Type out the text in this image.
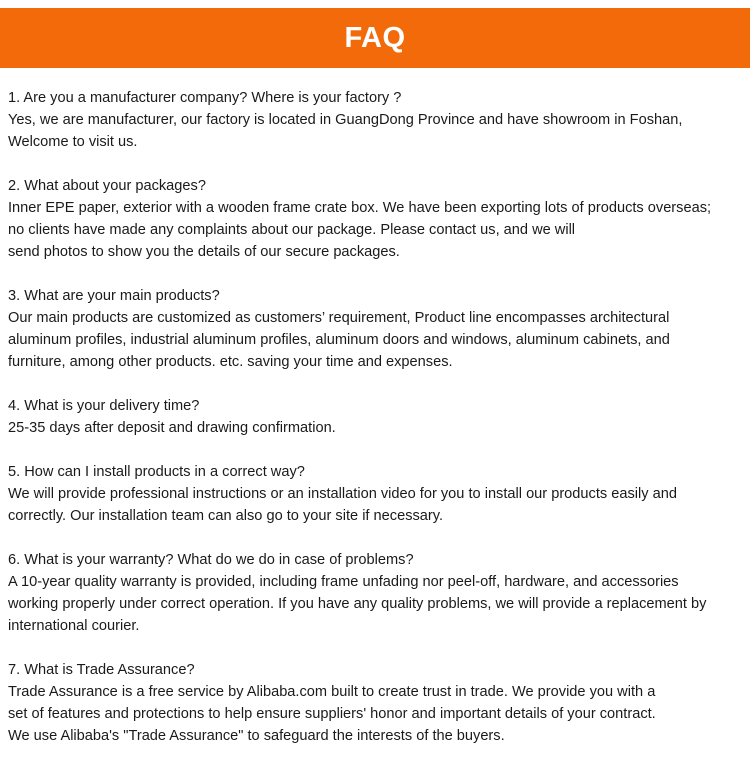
FAQ
1. Are you a manufacturer company? Where is your factory ?
Yes, we are manufacturer, our factory is located in GuangDong Province and have showroom in Foshan,
Welcome to visit us.
2. What about your packages?
Inner EPE paper, exterior with a wooden frame crate box. We have been exporting lots of products overseas;
no clients have made any complaints about our package. Please contact us, and we will
send photos to show you the details of our secure packages.
3. What are your main products?
Our main products are customized as customers’ requirement, Product line encompasses architectural
aluminum profiles, industrial aluminum profiles, aluminum doors and windows, aluminum cabinets, and
furniture, among other products. etc. saving your time and expenses.
4. What is your delivery time?
25-35 days after deposit and drawing confirmation.
5. How can I install products in a correct way?
We will provide professional instructions or an installation video for you to install our products easily and
correctly. Our installation team can also go to your site if necessary.
6. What is your warranty? What do we do in case of problems?
A 10-year quality warranty is provided, including frame unfading nor peel-off, hardware, and accessories
working properly under correct operation. If you have any quality problems, we will provide a replacement by
international courier.
7. What is Trade Assurance?
Trade Assurance is a free service by Alibaba.com built to create trust in trade. We provide you with a
set of features and protections to help ensure suppliers' honor and important details of your contract.
We use Alibaba's "Trade Assurance" to safeguard the interests of the buyers.
